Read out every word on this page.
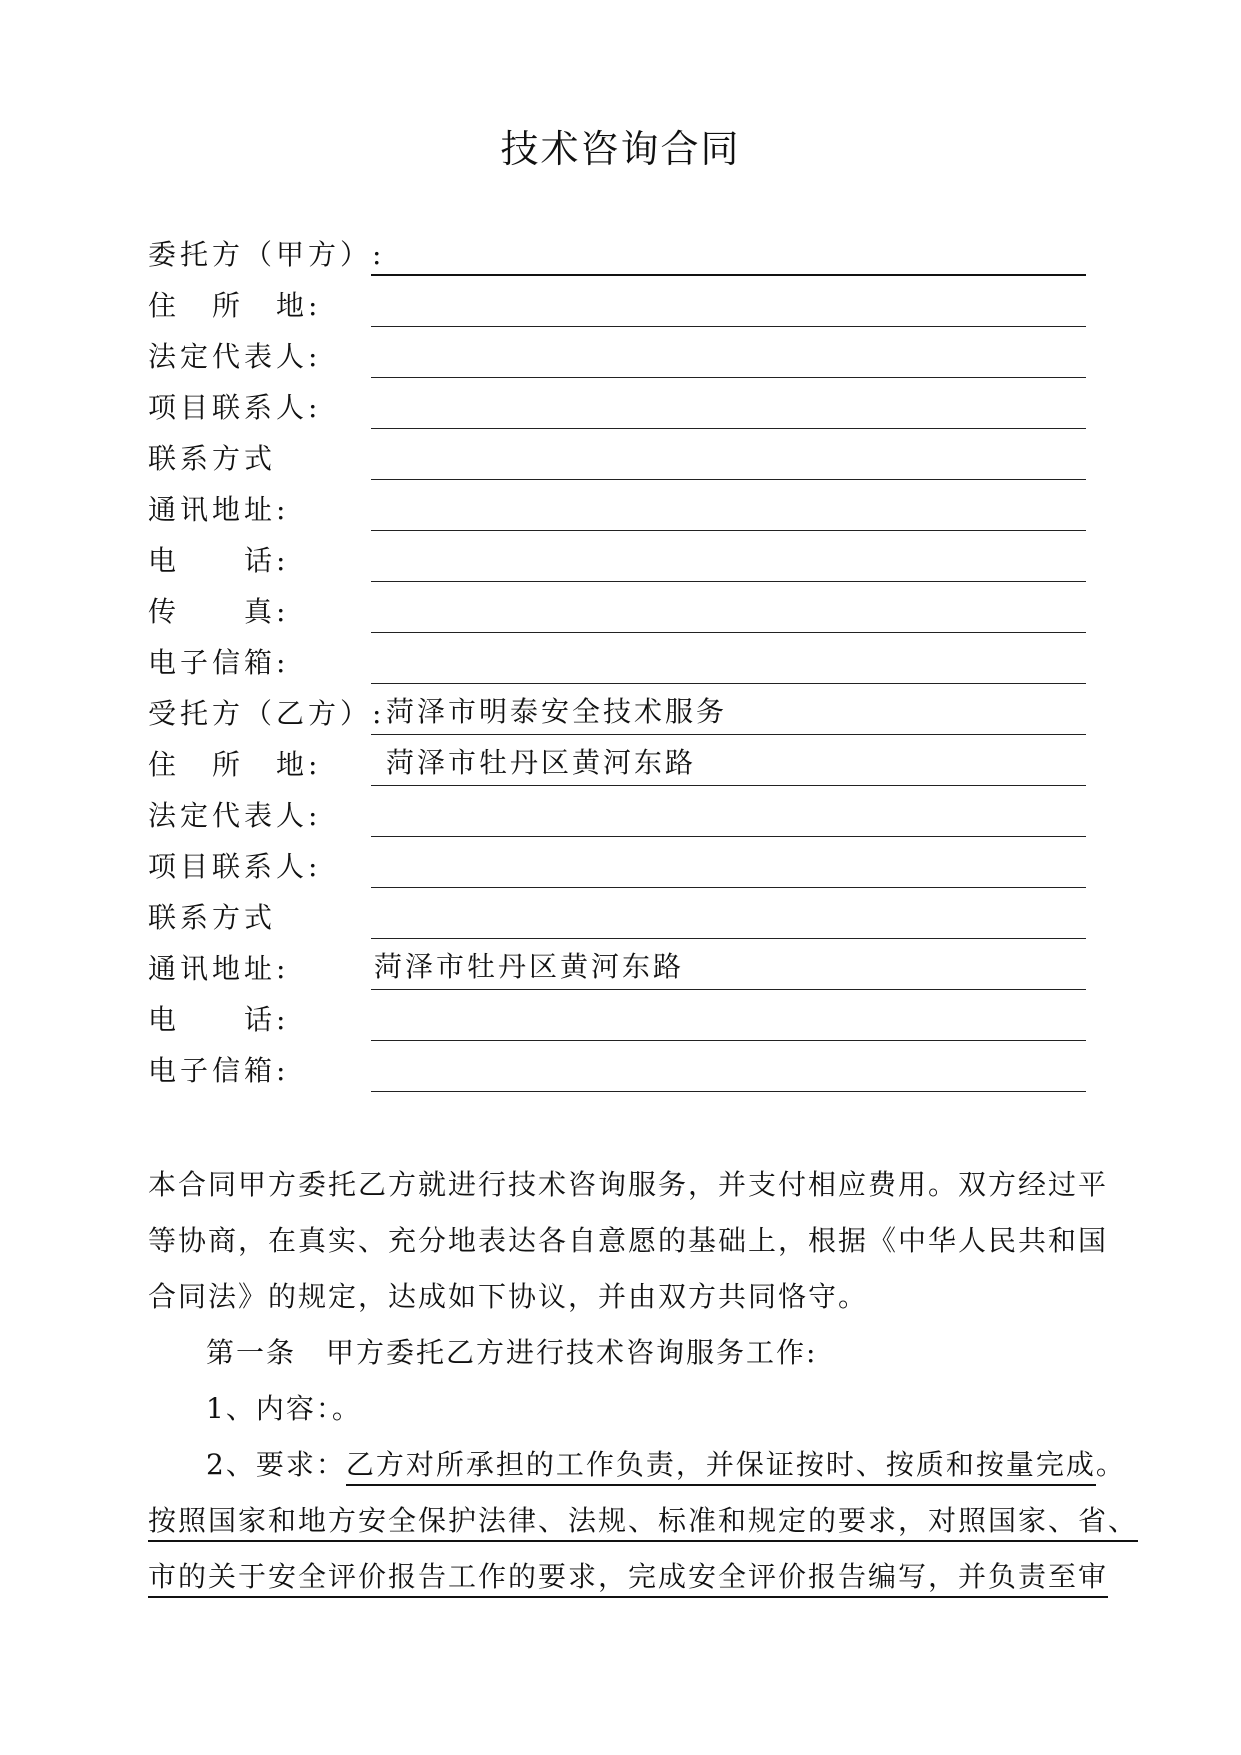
技术咨询合同
委托方（甲方）:
住　所　地:
法定代表人:
项目联系人:
联系方式
通讯地址:
电　　话:
传　　真:
电子信箱:
受托方（乙方）: 菏泽市明泰安全技术服务
住　所　地: 菏泽市牡丹区黄河东路
法定代表人:
项目联系人:
联系方式
通讯地址:	菏泽市牡丹区黄河东路
电　　话:
电子信箱:
本合同甲方委托乙方就进行技术咨询服务，并支付相应费用。双方经过平
等协商，在真实、充分地表达各自意愿的基础上，根据《中华人民共和国
合同法》的规定，达成如下协议，并由双方共同恪守。
第一条　甲方委托乙方进行技术咨询服务工作:
1、内容：。
2、要求：乙方对所承担的工作负责，并保证按时、按质和按量完成。
按照国家和地方安全保护法律、法规、标准和规定的要求，对照国家、省、
市的关于安全评价报告工作的要求，完成安全评价报告编写，并负责至审
